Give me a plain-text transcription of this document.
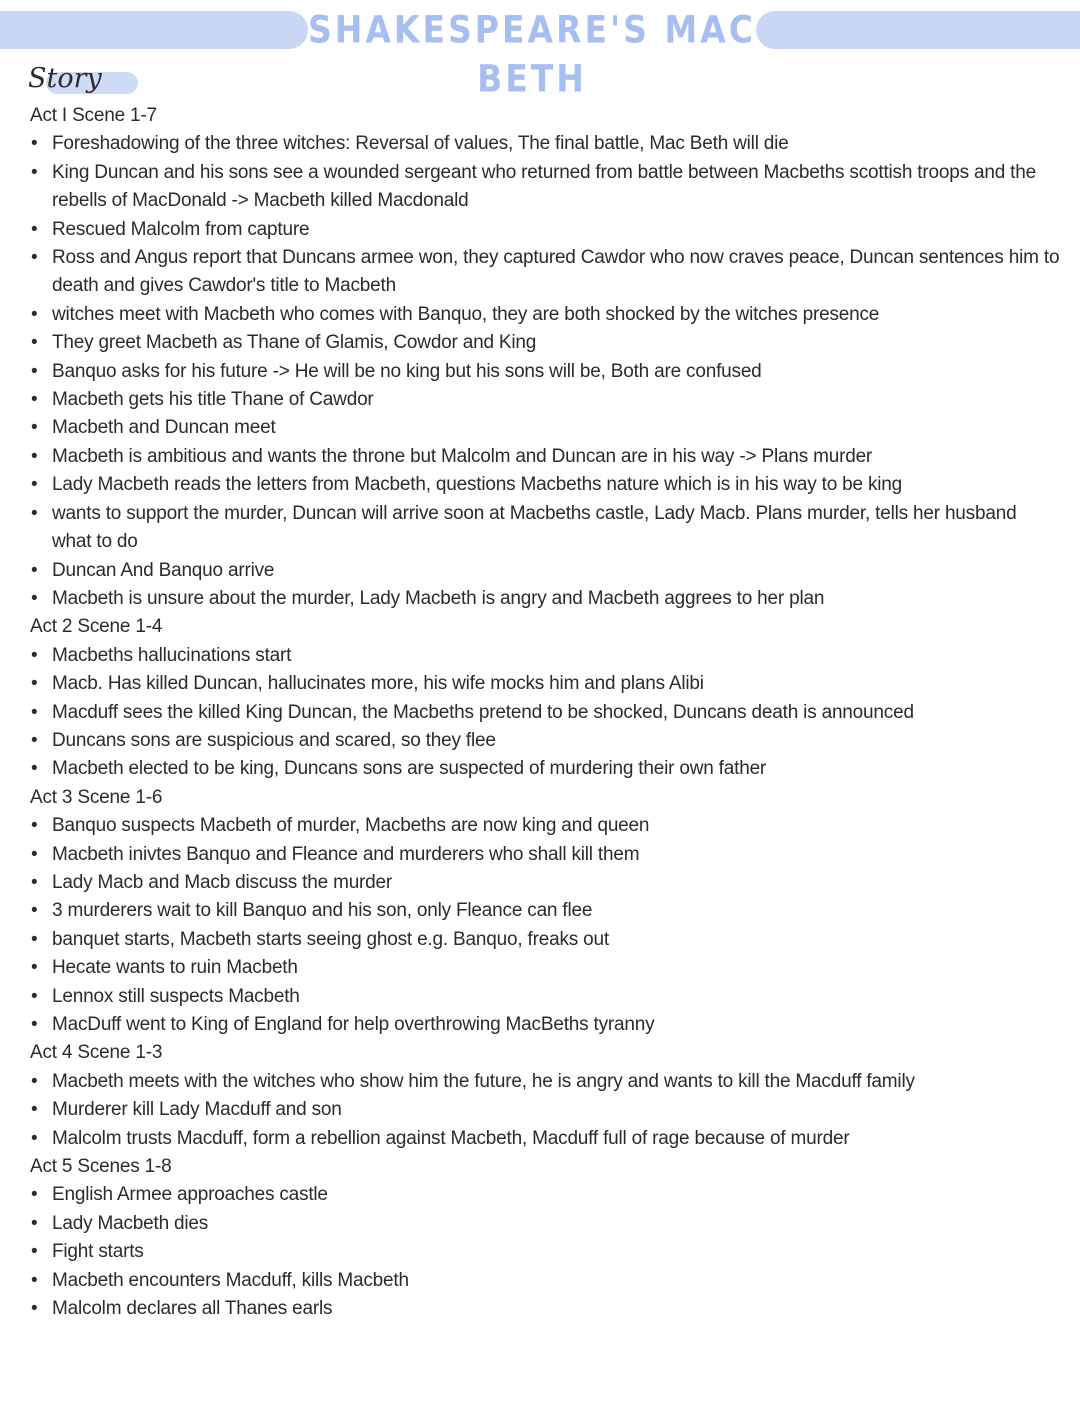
SHAKESPEARE'S MAC BETH
Story
Act I Scene 1-7
• Foreshadowing of the three witches: Reversal of values, The final battle, Mac Beth will die
• King Duncan and his sons see a wounded sergeant who returned from battle between Macbeths scottish troops and the rebells of MacDonald -> Macbeth killed Macdonald
• Rescued Malcolm from capture
• Ross and Angus report that Duncans armee won, they captured Cawdor who now craves peace, Duncan sentences him to death and gives Cawdor's title to Macbeth
• witches meet with Macbeth who comes with Banquo, they are both shocked by the witches presence
• They greet Macbeth as Thane of Glamis, Cowdor and King
• Banquo asks for his future -> He will be no king but his sons will be, Both are confused
• Macbeth gets his title Thane of Cawdor
• Macbeth and Duncan meet
• Macbeth is ambitious and wants the throne but Malcolm and Duncan are in his way -> Plans murder
• Lady Macbeth reads the letters from Macbeth, questions Macbeths nature which is in his way to be king
• wants to support the murder, Duncan will arrive soon at Macbeths castle, Lady Macb. Plans murder, tells her husband what to do
• Duncan And Banquo arrive
• Macbeth is unsure about the murder, Lady Macbeth is angry and Macbeth aggrees to her plan
Act 2 Scene 1-4
• Macbeths hallucinations start
• Macb. Has killed Duncan, hallucinates more, his wife mocks him and plans Alibi
• Macduff sees the killed King Duncan, the Macbeths pretend to be shocked, Duncans death is announced
• Duncans sons are suspicious and scared, so they flee
• Macbeth elected to be king, Duncans sons are suspected of murdering their own father
Act 3 Scene 1-6
• Banquo suspects Macbeth of murder, Macbeths are now king and queen
• Macbeth inivtes Banquo and Fleance and murderers who shall kill them
• Lady Macb and Macb discuss the murder
• 3 murderers wait to kill Banquo and his son, only Fleance can flee
• banquet starts, Macbeth starts seeing ghost e.g. Banquo, freaks out
• Hecate wants to ruin Macbeth
• Lennox still suspects Macbeth
• MacDuff went to King of England for help overthrowing MacBeths tyranny
Act 4 Scene 1-3
• Macbeth meets with the witches who show him the future, he is angry and wants to kill the Macduff family
• Murderer kill Lady Macduff and son
• Malcolm trusts Macduff, form a rebellion against Macbeth, Macduff full of rage because of murder
Act 5 Scenes 1-8
• English Armee approaches castle
• Lady Macbeth dies
• Fight starts
• Macbeth encounters Macduff, kills Macbeth
• Malcolm declares all Thanes earls
